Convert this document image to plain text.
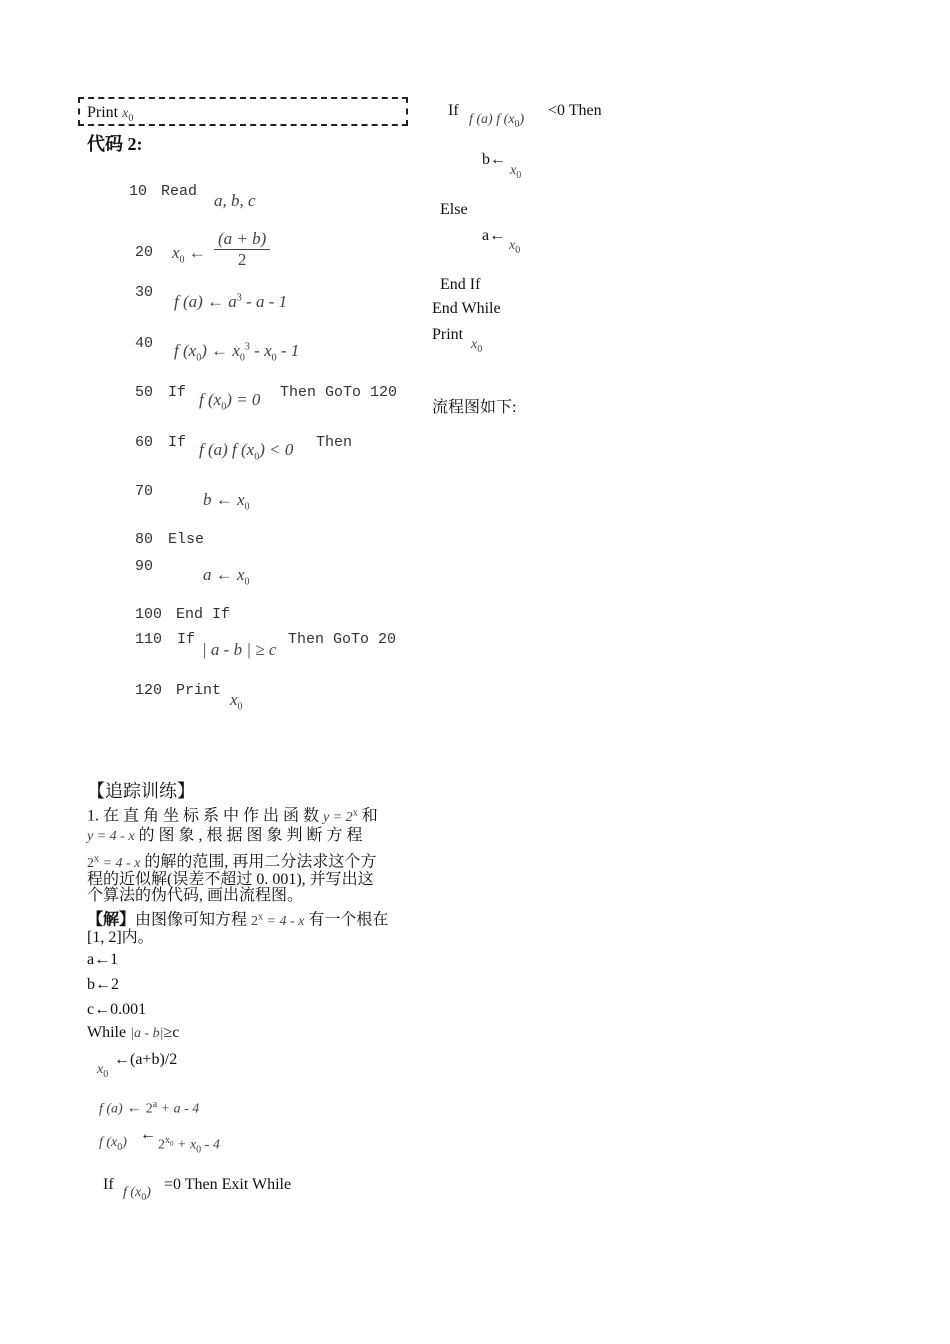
Print $x_0$
代码 2:
10 Read a, b, c
20 $x_0$ ← $\frac{(a + b)}{2}$
30 f (a) ← $a^3$ - a - 1
40 f $(x_0)$ ← $x_0^3 - x_0 - 1$
50 If f $(x_0) = 0$ Then GoTo 120
60 If f (a) f $(x_0) < 0$ Then
70	b ← $x_0$
80 Else
90	a ← $x_0$
100 End If
110 If
| a - b | ≥ c
Then GoTo 20
120 Print $x_0$
【追踪训练】
1. 在 直 角 坐 标 系 中 作 出 函 数 $y = 2^x$ 和
y = 4 - x 的 图 象 , 根 据 图 象 判 断 方 程
$2^x = 4 - x$ 的解的范围, 再用二分法求这个方
程的近似解(误差不超过 0. 001), 并写出这
个算法的伪代码, 画出流程图。
【解】由图像可知方程 $2^x = 4 - x$ 有一个根在
[1, 2]内。
a←1
b←2
c←0.001
While |a - b|≥c
$x_0$
←(a+b)/2
f (a) ← $2^a + a - 4$
f $(x_0)$ ←
$2^{x_0} + x_0 - 4$
If f $(x_0) =0$ Then Exit While
If
f (a) f $(x_0)$
<0 Then
b←
$x_0$
Else
a←
$x_0$
End If
End While
Print
$x_0$
流程图如下:
